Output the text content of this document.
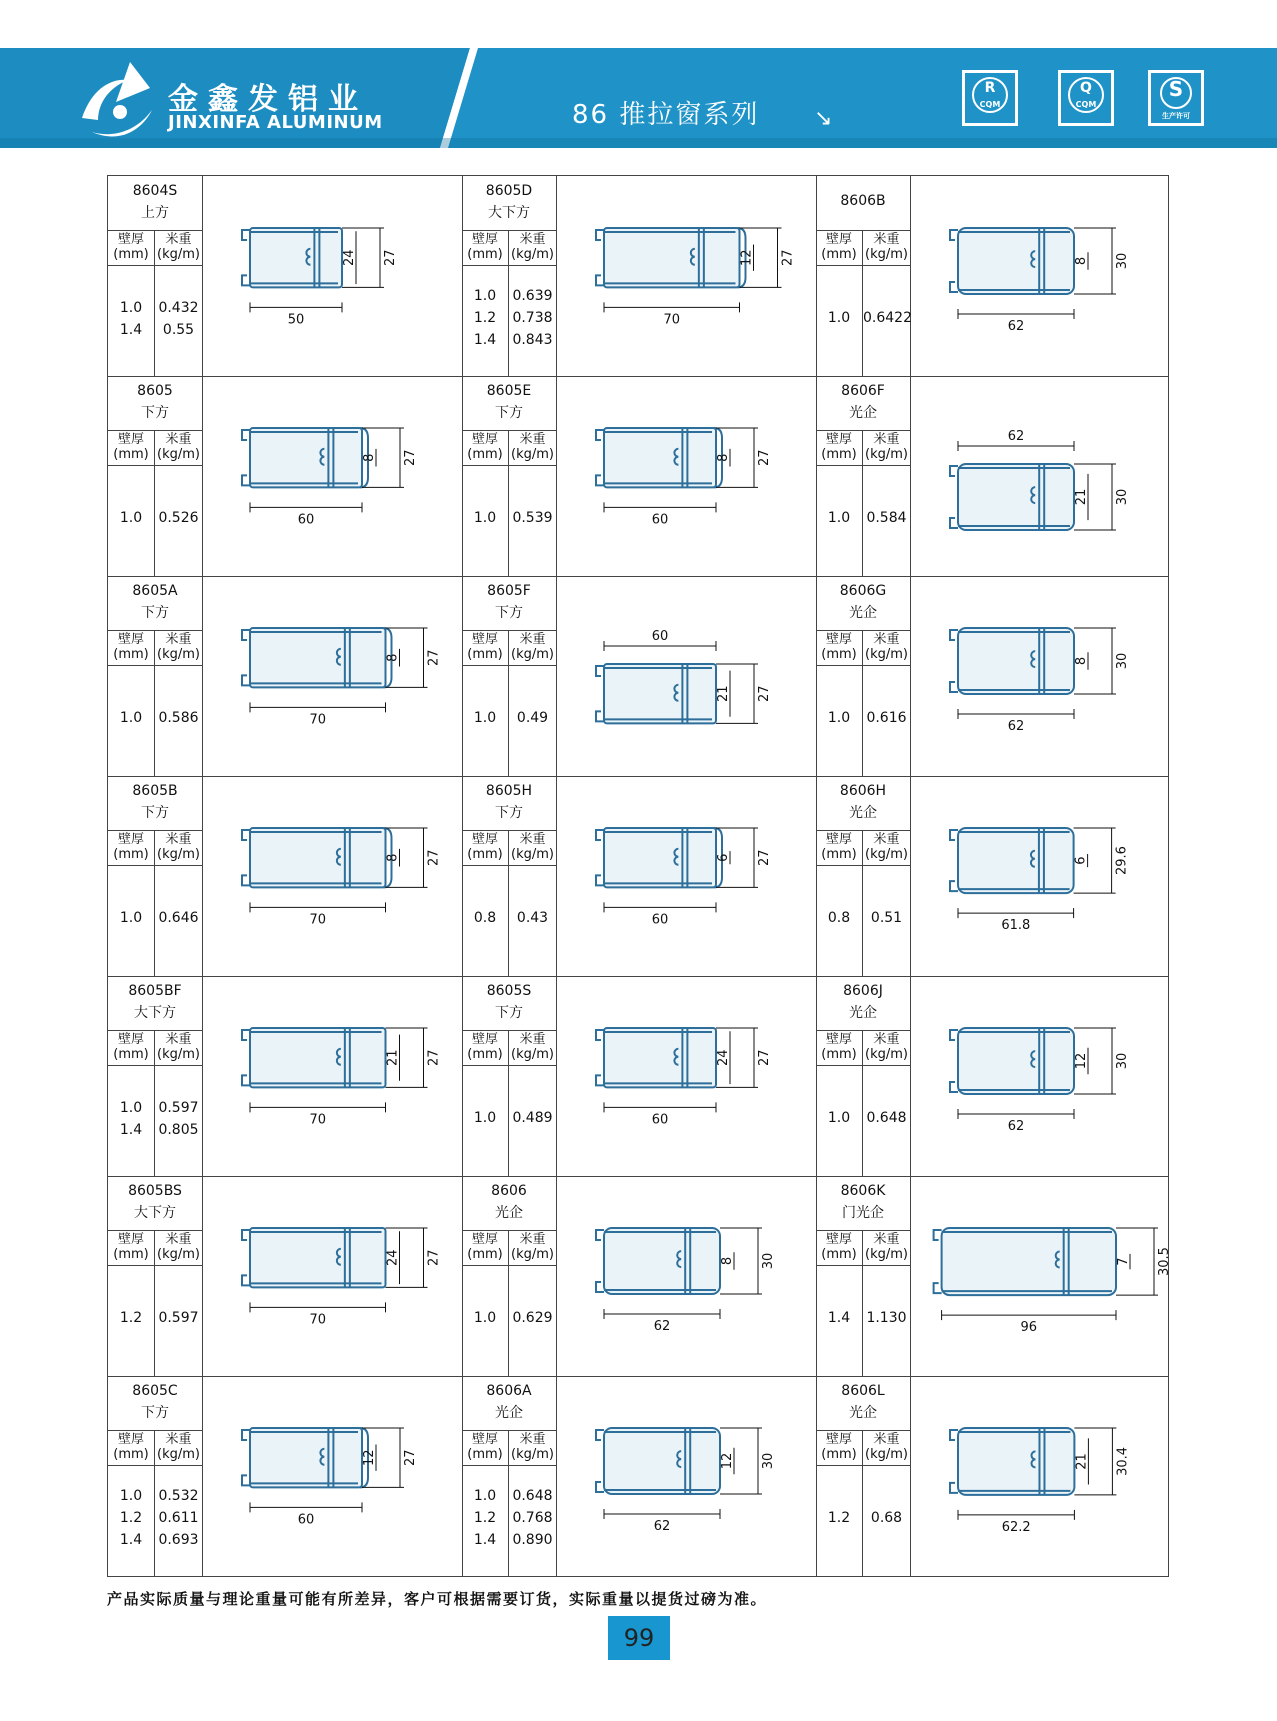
金鑫发铝业
JINXINFA ALUMINUM	86 推拉窗系列 ↘
R
CQM
Q
CQM
S
生产许可
8604S
上方
壁厚
(mm)
米重
(kg/m)
1.0	0.432
1.4	0.55
50
24 27
8605D
大下方
壁厚
(mm)
米重
(kg/m)
1.0	0.639
1.2	0.738
1.4	0.843
70
12 27
8606B
壁厚
(mm)
米重
(kg/m)
1.0 0.6422
62
8 30
8605
下方
壁厚
(mm)
米重
(kg/m)
1.0	0.526	60
8 27
8605E
下方
壁厚
(mm)
米重
(kg/m)
1.0	0.539	60
8 27
8606F
光企
壁厚
(mm)
米重
(kg/m)
1.0	0.584
62
21 30
8605A
下方
壁厚
(mm)
米重
(kg/m)
1.0	0.586	70
8 27
8605F
下方
壁厚
(mm)
米重
(kg/m)
1.0	0.49
60
21 27
8606G
光企
壁厚
(mm)
米重
(kg/m)
1.0	0.616
62
8 30
8605B
下方
壁厚
(mm)
米重
(kg/m)
1.0	0.646	70
8 27
8605H
下方
壁厚
(mm)
米重
(kg/m)
0.8	0.43	60
6 27
8606H
光企
壁厚
(mm)
米重
(kg/m)
0.8	0.51	61.8
6 29.6
8605BF
大下方
壁厚
(mm)
米重
(kg/m)
1.0	0.597
1.4	0.805
70
21 27
8605S
下方
壁厚
(mm)
米重
(kg/m)
1.0	0.489	60
24 27
8606J
光企
壁厚
(mm)
米重
(kg/m)
1.0	0.648
62
12 30
8605BS
大下方
壁厚
(mm)
米重
(kg/m)
1.2	0.597	70
24 27
8606
光企
壁厚
(mm)
米重
(kg/m)
1.0	0.629
62
8 30
8606K
门光企
壁厚
(mm)
米重
(kg/m)
1.4	1.130
96
7 30.5
8605C
下方
壁厚
(mm)
米重
(kg/m)
1.0	0.532
1.2	0.611
1.4	0.693
60
12 27
8606A
光企
壁厚
(mm)
米重
(kg/m)
1.0	0.648
1.2	0.768
1.4	0.890
62
12 30
8606L
光企
壁厚
(mm)
米重
(kg/m)
1.2	0.68
62.2
21 30.4
产品实际质量与理论重量可能有所差异，客户可根据需要订货，实际重量以提货过磅为准。
99
